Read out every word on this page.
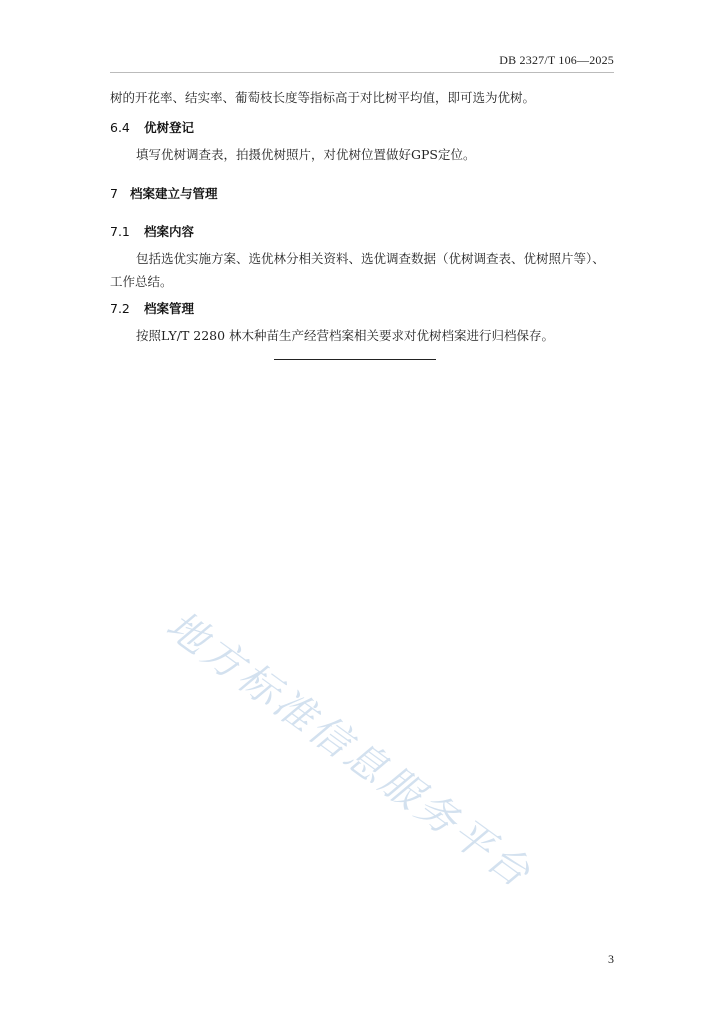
DB 2327/T 106—2025
树的开花率、结实率、葡萄枝长度等指标高于对比树平均值，即可选为优树。
6.4 优树登记
填写优树调查表，拍摄优树照片，对优树位置做好GPS定位。
7 档案建立与管理
7.1 档案内容
包括选优实施方案、选优林分相关资料、选优调查数据（优树调查表、优树照片等）、工作总结。
7.2 档案管理
按照LY/T 2280 林木种苗生产经营档案相关要求对优树档案进行归档保存。
地方标准信息服务平台
3
